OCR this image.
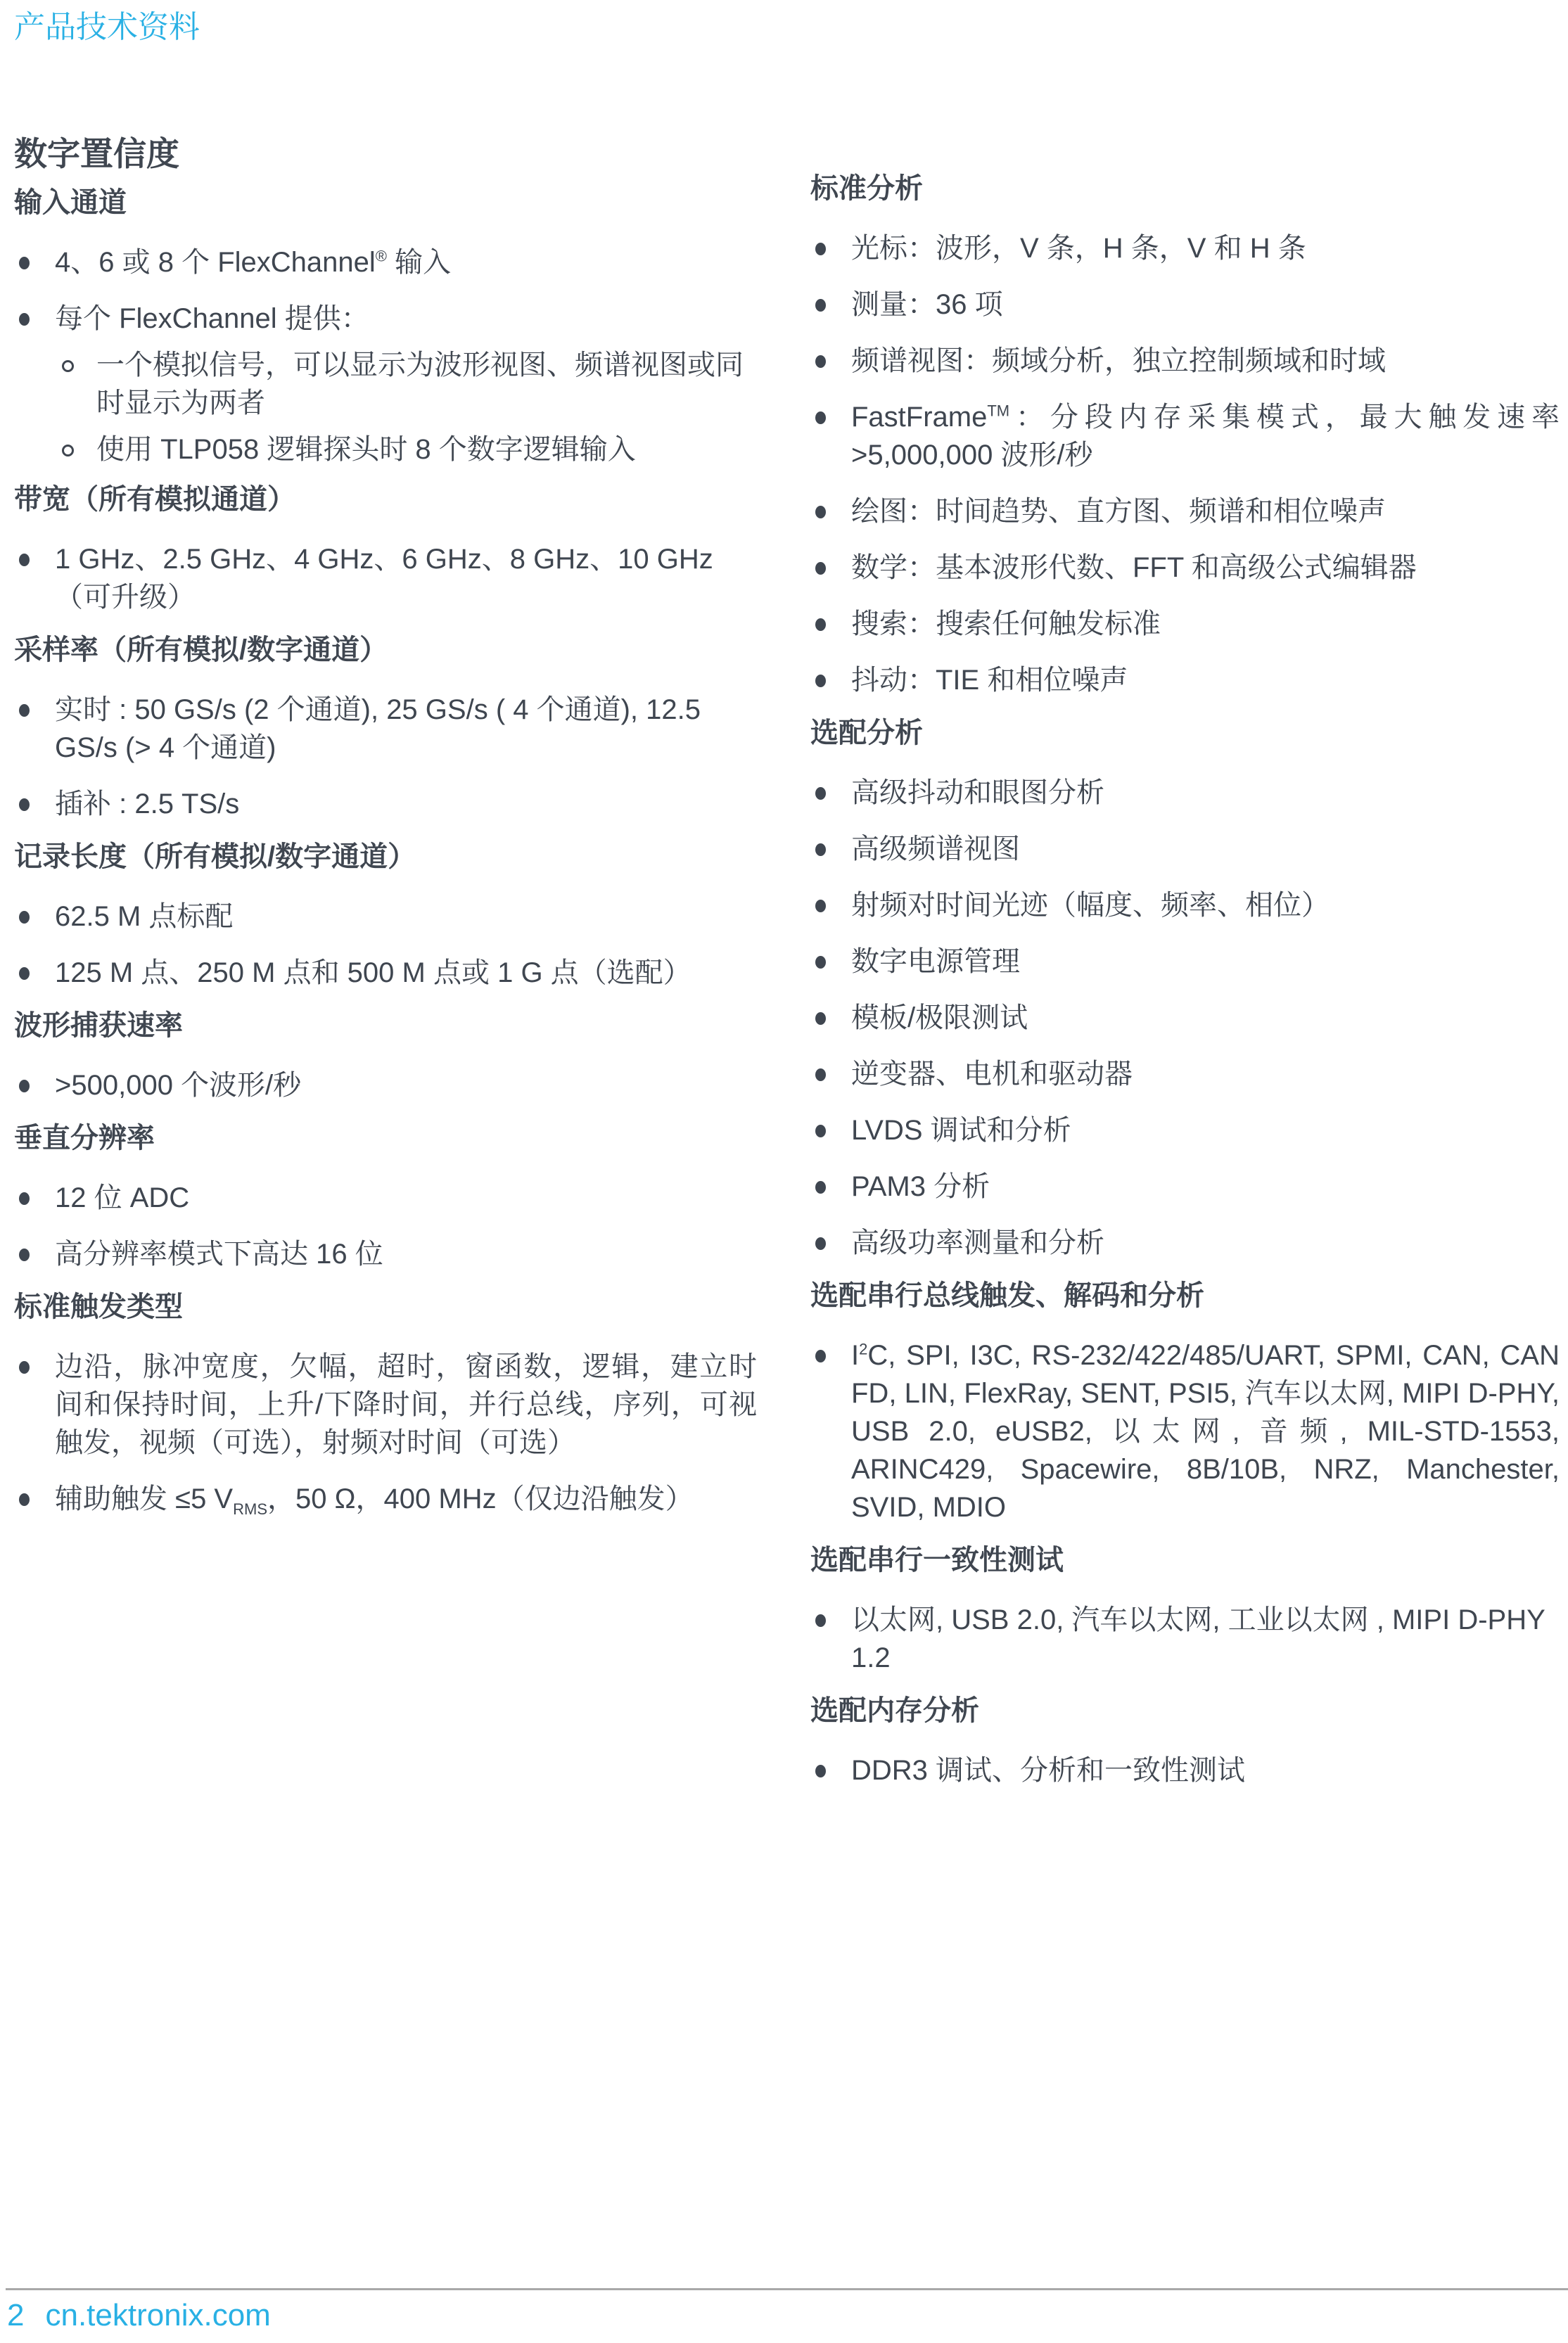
产品技术资料
数字置信度
输入通道
4、6 或 8 个 FlexChannel® 输入
每个 FlexChannel 提供：
一个模拟信号，可以显示为波形视图、频谱视图或同时显示为两者
使用 TLP058 逻辑探头时 8 个数字逻辑输入
带宽（所有模拟通道）
1 GHz、2.5 GHz、4 GHz、6 GHz、8 GHz、10 GHz（可升级）
采样率（所有模拟/数字通道）
实时 : 50 GS/s (2 个通道), 25 GS/s ( 4 个通道), 12.5 GS/s (> 4 个通道)
插补 : 2.5 TS/s
记录长度（所有模拟/数字通道）
62.5 M 点标配
125 M 点、250 M 点和 500 M 点或 1 G 点（选配）
波形捕获速率
>500,000 个波形/秒
垂直分辨率
12 位 ADC
高分辨率模式下高达 16 位
标准触发类型
边沿，脉冲宽度，欠幅，超时，窗函数，逻辑，建立时间和保持时间，上升/下降时间，并行总线，序列，可视触发，视频（可选），射频对时间（可选）
辅助触发 ≤5 $V_{RMS}$，50 Ω，400 MHz（仅边沿触发）
标准分析
光标：波形，V 条，H 条，V 和 H 条
测量：36 项
频谱视图：频域分析，独立控制频域和时域
FastFrame™：分段内存采集模式，最大触发速率 >5,000,000 波形/秒
绘图：时间趋势、直方图、频谱和相位噪声
数学：基本波形代数、FFT 和高级公式编辑器
搜索：搜索任何触发标准
抖动：TIE 和相位噪声
选配分析
高级抖动和眼图分析
高级频谱视图
射频对时间光迹（幅度、频率、相位）
数字电源管理
模板/极限测试
逆变器、电机和驱动器
LVDS 调试和分析
PAM3 分析
高级功率测量和分析
选配串行总线触发、解码和分析
$I^2C$, SPI, I3C, RS-232/422/485/UART, SPMI, CAN, CAN FD, LIN, FlexRay, SENT, PSI5, 汽车以太网, MIPI D-PHY, USB 2.0, eUSB2, 以太网, 音频, MIL-STD-1553, ARINC429, Spacewire, 8B/10B, NRZ, Manchester, SVID, MDIO
选配串行一致性测试
以太网, USB 2.0, 汽车以太网, 工业以太网 , MIPI D-PHY 1.2
选配内存分析
DDR3 调试、分析和一致性测试
2 cn.tektronix.com
